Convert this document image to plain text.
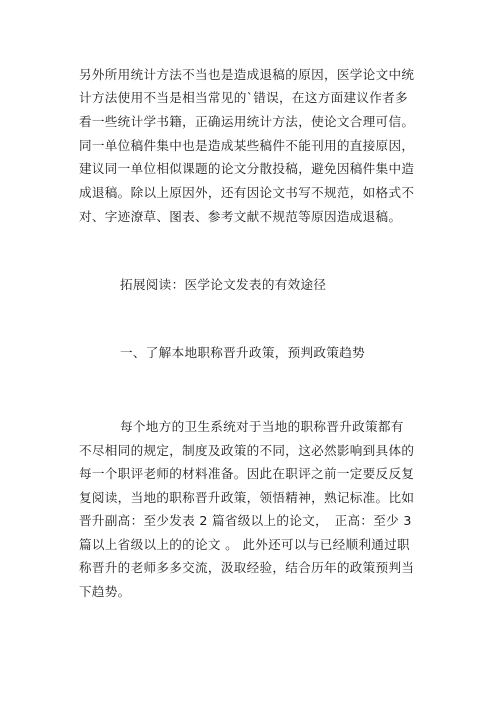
另外所用统计方法不当也是造成退稿的原因，医学论文中统
计方法使用不当是相当常见的`错误，在这方面建议作者多
看一些统计学书籍，正确运用统计方法，使论文合理可信。
同一单位稿件集中也是造成某些稿件不能刊用的直接原因，
建议同一单位相似课题的论文分散投稿，避免因稿件集中造
成退稿。除以上原因外，还有因论文书写不规范，如格式不
对、字迹潦草、图表、参考文献不规范等原因造成退稿。
拓展阅读：医学论文发表的有效途径
一、了解本地职称晋升政策，预判政策趋势
每个地方的卫生系统对于当地的职称晋升政策都有
不尽相同的规定，制度及政策的不同，这必然影响到具体的
每一个职评老师的材料准备。因此在职评之前一定要反反复
复阅读，当地的职称晋升政策，领悟精神，熟记标准。比如
晋升副高：至少发表 2 篇省级以上的论文，　正高：至少 3
篇以上省级以上的的论文 。 此外还可以与已经顺利通过职
称晋升的老师多多交流，汲取经验，结合历年的政策预判当
下趋势。
